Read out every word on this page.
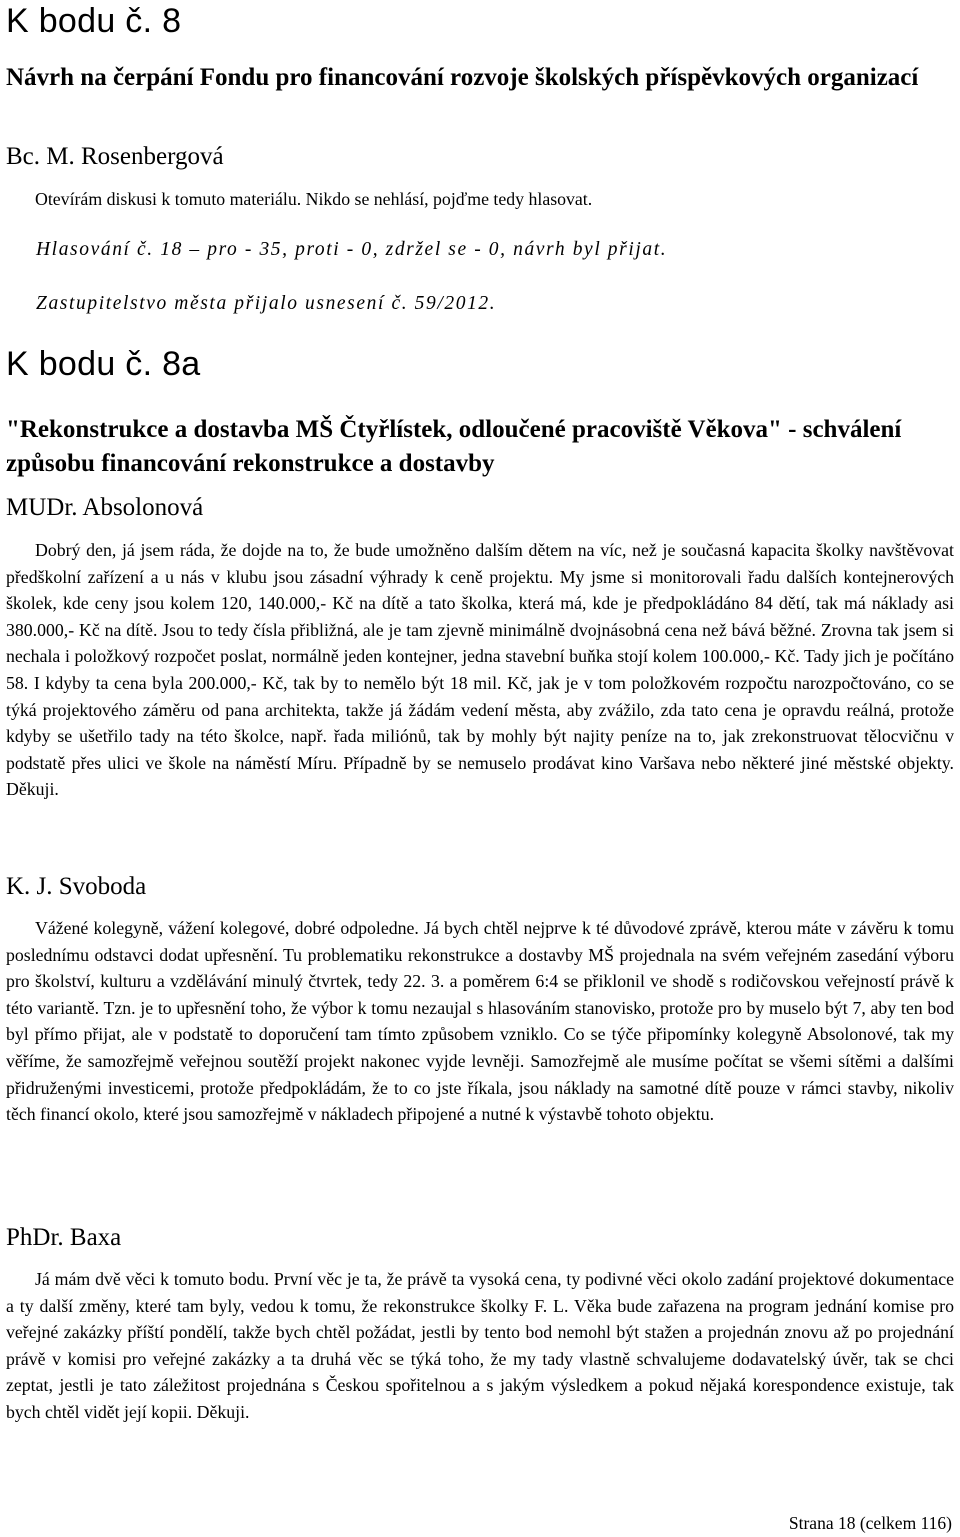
K bodu č. 8
Návrh na čerpání Fondu pro financování rozvoje školských příspěvkových organizací
Bc. M. Rosenbergová

Otevírám diskusi k tomuto materiálu. Nikdo se nehlásí, pojďme tedy hlasovat.

Hlasování č. 18 – pro - 35, proti - 0, zdržel se - 0, návrh byl přijat.

Zastupitelstvo města přijalo usnesení č. 59/2012.

K bodu č. 8a
"Rekonstrukce a dostavba MŠ Čtyřlístek, odloučené pracoviště Věkova" - schválení způsobu financování rekonstrukce a dostavby
MUDr. Absolonová

Dobrý den, já jsem ráda, že dojde na to, že bude umožněno dalším dětem na víc, než je současná kapacita školky navštěvovat předškolní zařízení a u nás v klubu jsou zásadní výhrady k ceně projektu. My jsme si monitorovali řadu dalších kontejnerových školek, kde ceny jsou kolem 120, 140.000,- Kč na dítě a tato školka, která má, kde je předpokládáno 84 dětí, tak má náklady asi 380.000,- Kč na dítě. Jsou to tedy čísla přibližná, ale je tam zjevně minimálně dvojnásobná cena než bává běžné. Zrovna tak jsem si nechala i položkový rozpočet poslat, normálně jeden kontejner, jedna stavební buňka stojí kolem 100.000,- Kč. Tady jich je počítáno 58. I kdyby ta cena byla 200.000,- Kč, tak by to nemělo být 18 mil. Kč, jak je v tom položkovém rozpočtu narozpočtováno, co se týká projektového záměru od pana architekta, takže já žádám vedení města, aby zvážilo, zda tato cena je opravdu reálná, protože kdyby se ušetřilo tady na této školce, např. řada miliónů, tak by mohly být najity peníze na to, jak zrekonstruovat tělocvičnu v podstatě přes ulici ve škole na náměstí Míru. Případně by se nemuselo prodávat kino Varšava nebo některé jiné městské objekty. Děkuji.

K. J. Svoboda

Vážené kolegyně, vážení kolegové, dobré odpoledne. Já bych chtěl nejprve k té důvodové zprávě, kterou máte v závěru k tomu poslednímu odstavci dodat upřesnění. Tu problematiku rekonstrukce a dostavby MŠ projednala na svém veřejném zasedání výboru pro školství, kulturu a vzdělávání minulý čtvrtek, tedy 22. 3. a poměrem 6:4 se přiklonil ve shodě s rodičovskou veřejností právě k této variantě. Tzn. je to upřesnění toho, že výbor k tomu nezaujal s hlasováním stanovisko, protože pro by muselo být 7, aby ten bod byl přímo přijat, ale v podstatě to doporučení tam tímto způsobem vzniklo. Co se týče připomínky kolegyně Absolonové, tak my věříme, že samozřejmě veřejnou soutěží projekt nakonec vyjde levněji. Samozřejmě ale musíme počítat se všemi sítěmi a dalšími přidruženými investicemi, protože předpokládám, že to co jste říkala, jsou náklady na samotné dítě pouze v rámci stavby, nikoliv těch financí okolo, které jsou samozřejmě v nákladech připojené a nutné k výstavbě tohoto objektu.

PhDr. Baxa

Já mám dvě věci k tomuto bodu. První věc je ta, že právě ta vysoká cena, ty podivné věci okolo zadání projektové dokumentace a ty další změny, které tam byly, vedou k tomu, že rekonstrukce školky F. L. Věka bude zařazena na program jednání komise pro veřejné zakázky příští pondělí, takže bych chtěl požádat, jestli by tento bod nemohl být stažen a projednán znovu až po projednání právě v komisi pro veřejné zakázky a ta druhá věc se týká toho, že my tady vlastně schvalujeme dodavatelský úvěr, tak se chci zeptat, jestli je tato záležitost projednána s Českou spořitelnou a s jakým výsledkem a pokud nějaká korespondence existuje, tak bych chtěl vidět její kopii. Děkuji.

Strana 18 (celkem 116)
